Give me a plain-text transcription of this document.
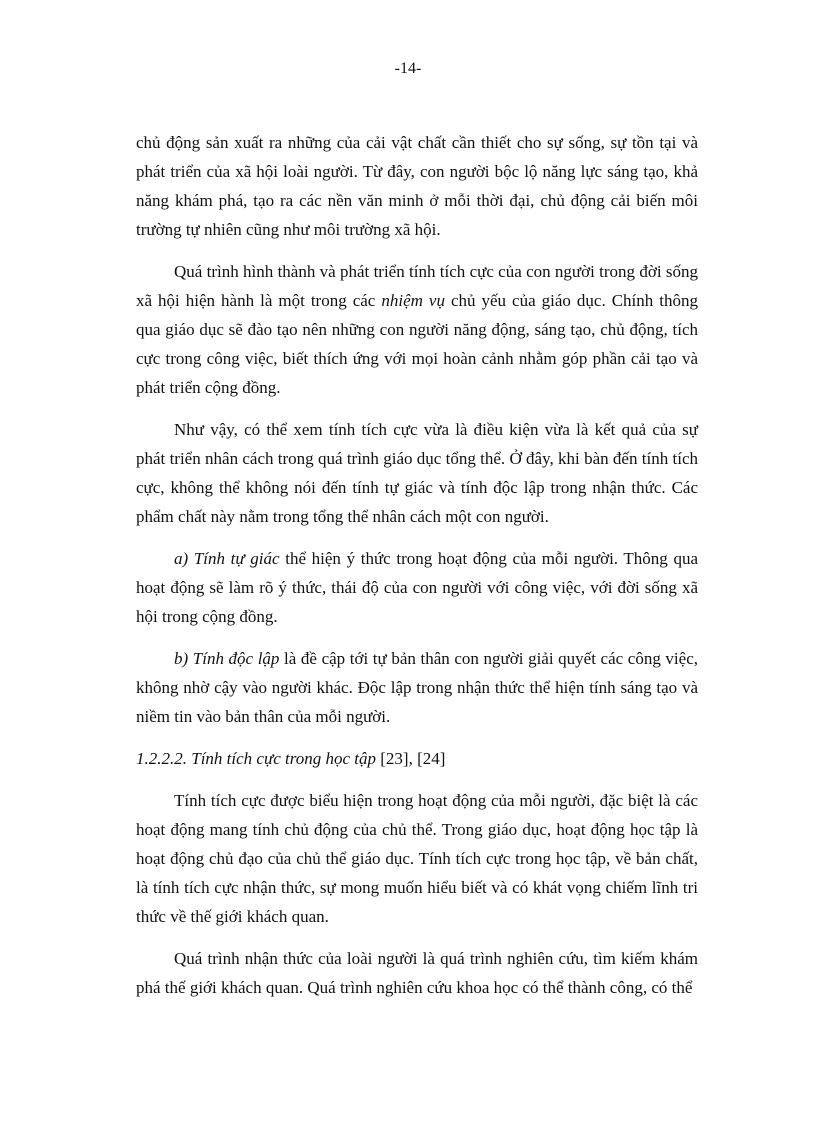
-14-

chủ động sản xuất ra những của cải vật chất cần thiết cho sự sống, sự tồn tại và phát triển của xã hội loài người. Từ đây, con người bộc lộ năng lực sáng tạo, khả năng khám phá, tạo ra các nền văn minh ở mỗi thời đại, chủ động cải biến môi trường tự nhiên cũng như môi trường xã hội.

Quá trình hình thành và phát triển tính tích cực của con người trong đời sống xã hội hiện hành là một trong các nhiệm vụ chủ yếu của giáo dục. Chính thông qua giáo dục sẽ đào tạo nên những con người năng động, sáng tạo, chủ động, tích cực trong công việc, biết thích ứng với mọi hoàn cảnh nhằm góp phần cải tạo và phát triển cộng đồng.

Như vậy, có thể xem tính tích cực vừa là điều kiện vừa là kết quả của sự phát triển nhân cách trong quá trình giáo dục tổng thể. Ở đây, khi bàn đến tính tích cực, không thể không nói đến tính tự giác và tính độc lập trong nhận thức. Các phẩm chất này nằm trong tổng thể nhân cách một con người.

a) Tính tự giác thể hiện ý thức trong hoạt động của mỗi người. Thông qua hoạt động sẽ làm rõ ý thức, thái độ của con người với công việc, với đời sống xã hội trong cộng đồng.

b) Tính độc lập là đề cập tới tự bản thân con người giải quyết các công việc, không nhờ cậy vào người khác. Độc lập trong nhận thức thể hiện tính sáng tạo và niềm tin vào bản thân của mỗi người.

1.2.2.2. Tính tích cực trong học tập [23], [24]

Tính tích cực được biểu hiện trong hoạt động của mỗi người, đặc biệt là các hoạt động mang tính chủ động của chủ thể. Trong giáo dục, hoạt động học tập là hoạt động chủ đạo của chủ thể giáo dục. Tính tích cực trong học tập, về bản chất, là tính tích cực nhận thức, sự mong muốn hiểu biết và có khát vọng chiếm lĩnh tri thức về thế giới khách quan.

Quá trình nhận thức của loài người là quá trình nghiên cứu, tìm kiếm khám phá thế giới khách quan. Quá trình nghiên cứu khoa học có thể thành công, có thể
